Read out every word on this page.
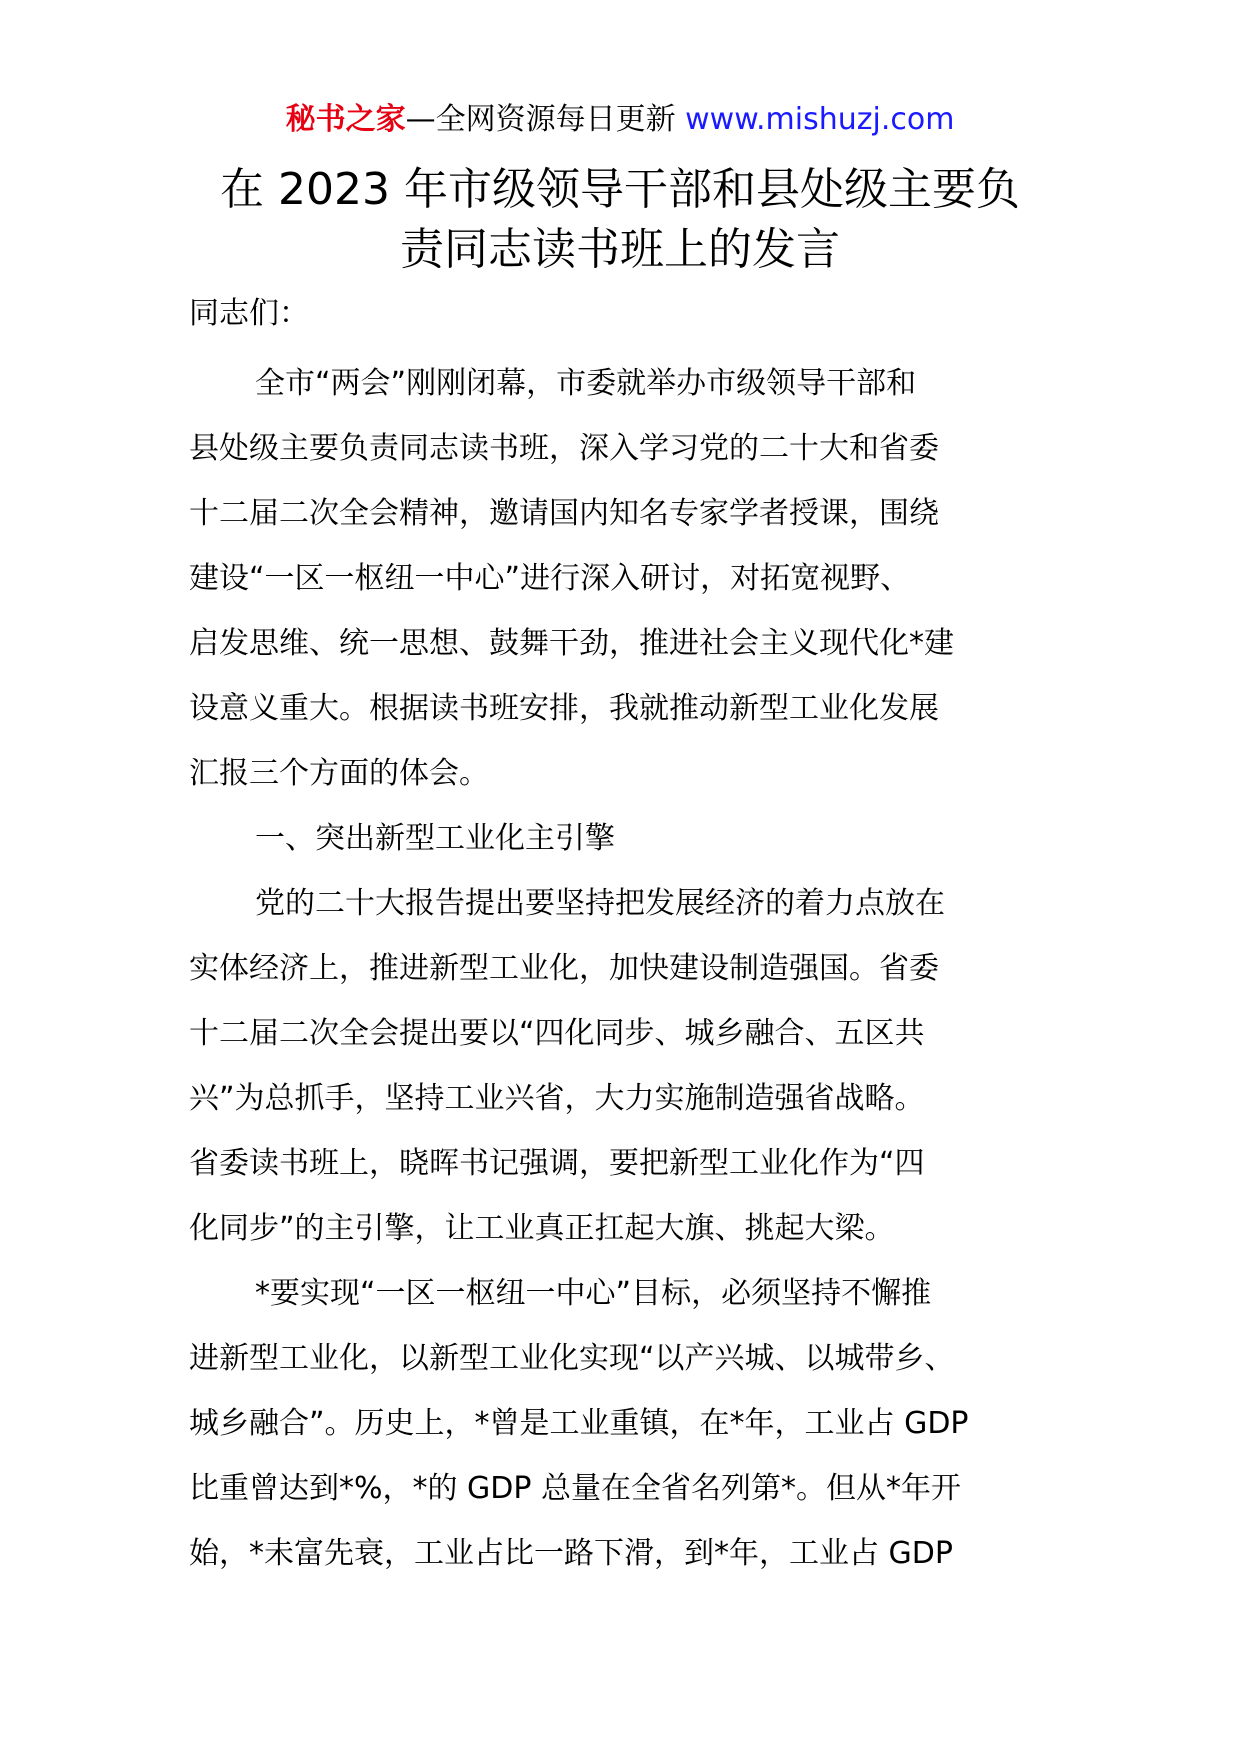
秘书之家—全网资源每日更新 www.mishuzj.com
在 2023 年市级领导干部和县处级主要负
责同志读书班上的发言
同志们：
全市“两会”刚刚闭幕，市委就举办市级领导干部和
县处级主要负责同志读书班，深入学习党的二十大和省委
十二届二次全会精神，邀请国内知名专家学者授课，围绕
建设“一区一枢纽一中心”进行深入研讨，对拓宽视野、
启发思维、统一思想、鼓舞干劲，推进社会主义现代化*建
设意义重大。根据读书班安排，我就推动新型工业化发展
汇报三个方面的体会。
一、突出新型工业化主引擎
党的二十大报告提出要坚持把发展经济的着力点放在
实体经济上，推进新型工业化，加快建设制造强国。省委
十二届二次全会提出要以“四化同步、城乡融合、五区共
兴”为总抓手，坚持工业兴省，大力实施制造强省战略。
省委读书班上，晓晖书记强调，要把新型工业化作为“四
化同步”的主引擎，让工业真正扛起大旗、挑起大梁。
*要实现“一区一枢纽一中心”目标，必须坚持不懈推
进新型工业化，以新型工业化实现“以产兴城、以城带乡、
城乡融合”。历史上，*曾是工业重镇，在*年，工业占 GDP
比重曾达到*%，*的 GDP 总量在全省名列第*。但从*年开
始，*未富先衰，工业占比一路下滑，到*年，工业占 GDP
